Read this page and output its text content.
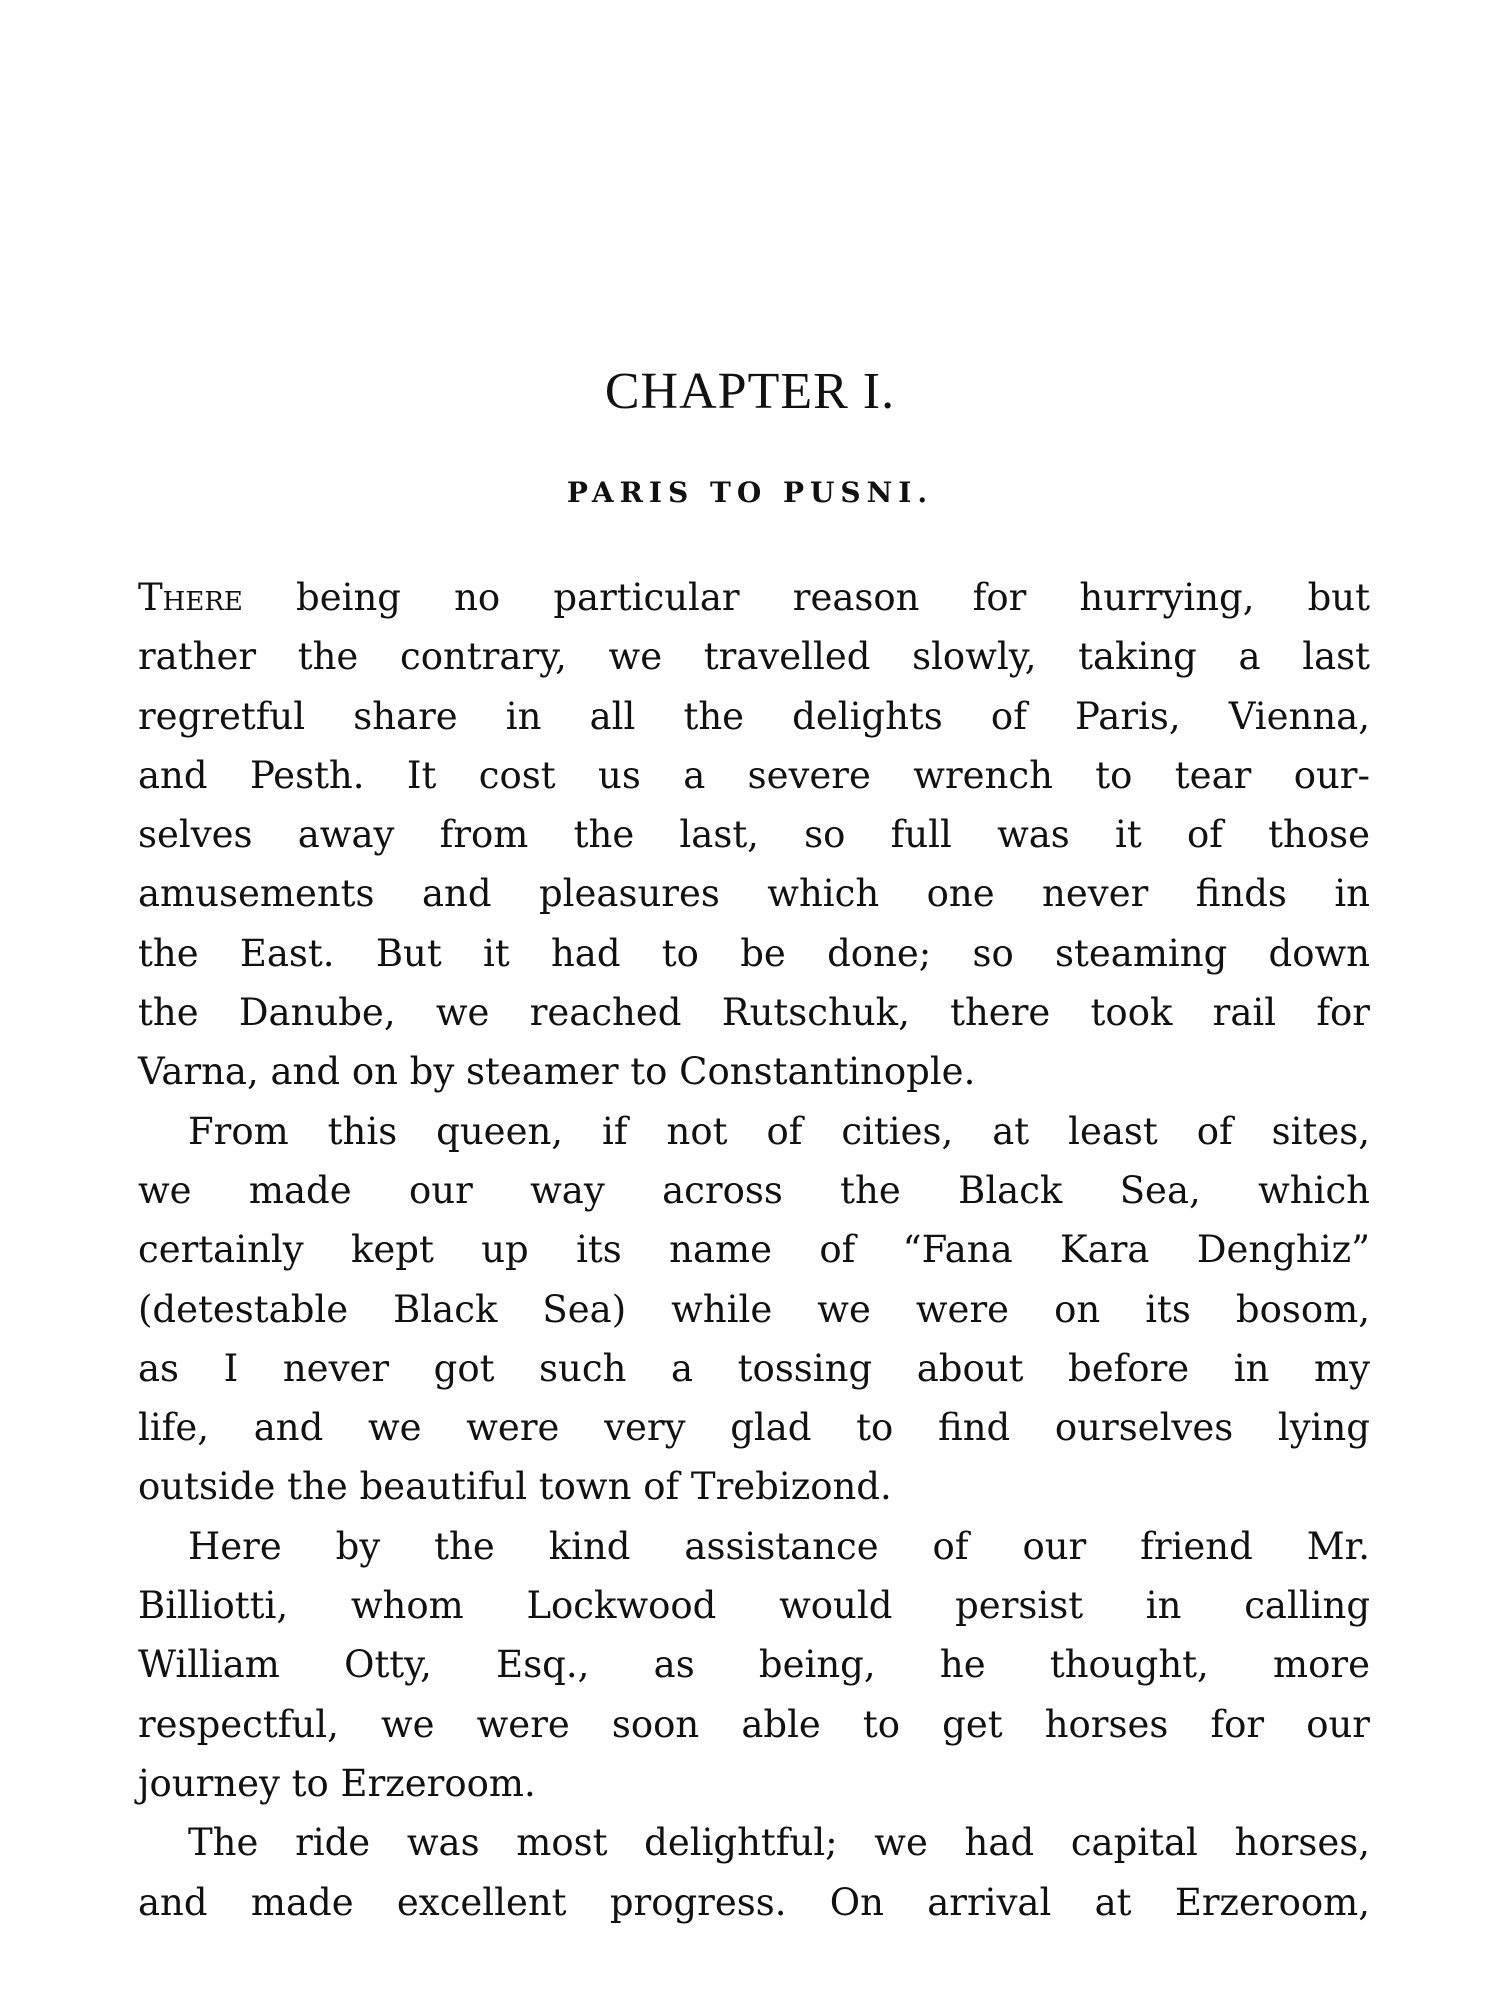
CHAPTER I.
PARIS TO PUSNI.
There being no particular reason for hurrying, but
rather the contrary, we travelled slowly, taking a last
regretful share in all the delights of Paris, Vienna,
and Pesth. It cost us a severe wrench to tear our-
selves away from the last, so full was it of those
amusements and pleasures which one never finds in
the East. But it had to be done; so steaming down
the Danube, we reached Rutschuk, there took rail for
Varna, and on by steamer to Constantinople.
From this queen, if not of cities, at least of sites,
we made our way across the Black Sea, which
certainly kept up its name of “Fana Kara Denghiz”
(detestable Black Sea) while we were on its bosom,
as I never got such a tossing about before in my
life, and we were very glad to find ourselves lying
outside the beautiful town of Trebizond.
Here by the kind assistance of our friend Mr.
Billiotti, whom Lockwood would persist in calling
William Otty, Esq., as being, he thought, more
respectful, we were soon able to get horses for our
journey to Erzeroom.
The ride was most delightful; we had capital horses,
and made excellent progress. On arrival at Erzeroom,
